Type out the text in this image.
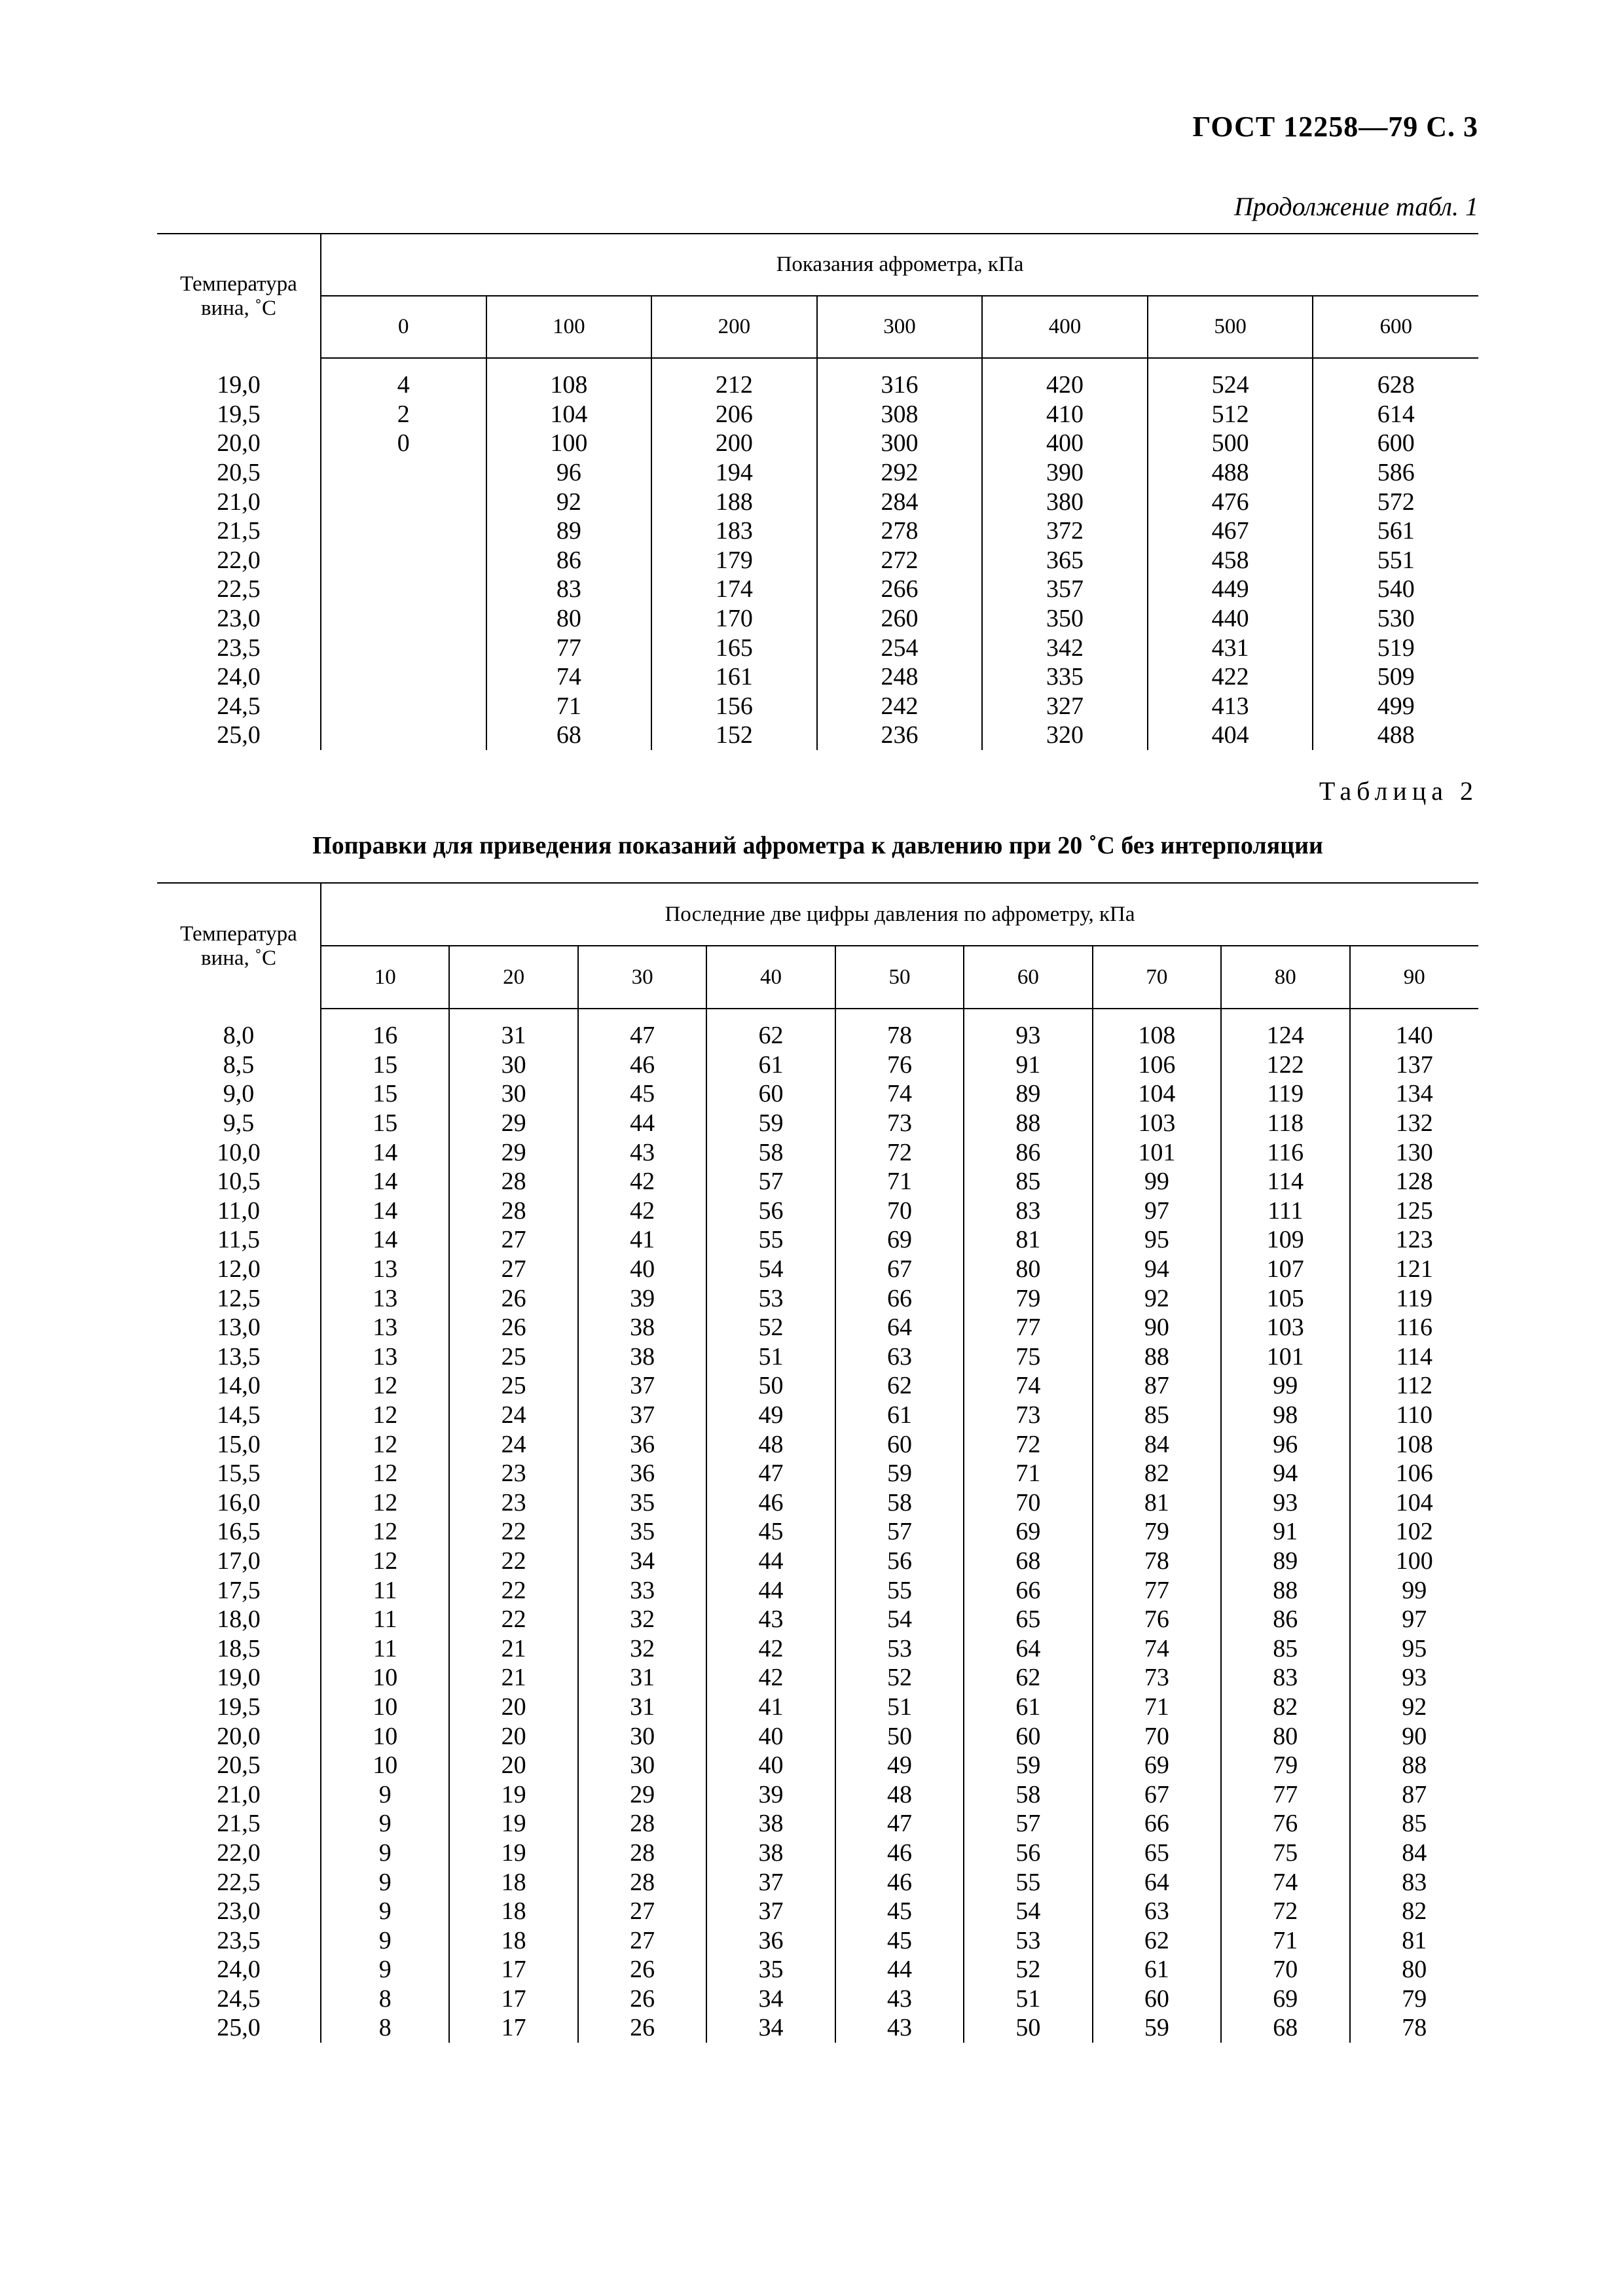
ГОСТ 12258—79 С. 3
Продолжение табл. 1
Температура
вина, ˚С	Показания афрометра, кПа						
	0	100	200	300	400	500	600

19,0	4	108	212	316	420	524	628
19,5	2	104	206	308	410	512	614
20,0	0	100	200	300	400	500	600
20,5		96	194	292	390	488	586
21,0		92	188	284	380	476	572
21,5		89	183	278	372	467	561
22,0		86	179	272	365	458	551
22,5		83	174	266	357	449	540
23,0		80	170	260	350	440	530
23,5		77	165	254	342	431	519
24,0		74	161	248	335	422	509
24,5		71	156	242	327	413	499
25,0		68	152	236	320	404	488
Таблица 2
Поправки для приведения показаний афрометра к давлению при 20 ˚С без интерполяции
Температура
вина, ˚С	Последние две цифры давления по афрометру, кПа								
	10	20	30	40	50	60	70	80	90

8,0	16	31	47	62	78	93	108	124	140
8,5	15	30	46	61	76	91	106	122	137
9,0	15	30	45	60	74	89	104	119	134
9,5	15	29	44	59	73	88	103	118	132
10,0	14	29	43	58	72	86	101	116	130
10,5	14	28	42	57	71	85	99	114	128
11,0	14	28	42	56	70	83	97	111	125
11,5	14	27	41	55	69	81	95	109	123
12,0	13	27	40	54	67	80	94	107	121
12,5	13	26	39	53	66	79	92	105	119
13,0	13	26	38	52	64	77	90	103	116
13,5	13	25	38	51	63	75	88	101	114
14,0	12	25	37	50	62	74	87	99	112
14,5	12	24	37	49	61	73	85	98	110
15,0	12	24	36	48	60	72	84	96	108
15,5	12	23	36	47	59	71	82	94	106
16,0	12	23	35	46	58	70	81	93	104
16,5	12	22	35	45	57	69	79	91	102
17,0	12	22	34	44	56	68	78	89	100
17,5	11	22	33	44	55	66	77	88	99
18,0	11	22	32	43	54	65	76	86	97
18,5	11	21	32	42	53	64	74	85	95
19,0	10	21	31	42	52	62	73	83	93
19,5	10	20	31	41	51	61	71	82	92
20,0	10	20	30	40	50	60	70	80	90
20,5	10	20	30	40	49	59	69	79	88
21,0	9	19	29	39	48	58	67	77	87
21,5	9	19	28	38	47	57	66	76	85
22,0	9	19	28	38	46	56	65	75	84
22,5	9	18	28	37	46	55	64	74	83
23,0	9	18	27	37	45	54	63	72	82
23,5	9	18	27	36	45	53	62	71	81
24,0	9	17	26	35	44	52	61	70	80
24,5	8	17	26	34	43	51	60	69	79
25,0	8	17	26	34	43	50	59	68	78
